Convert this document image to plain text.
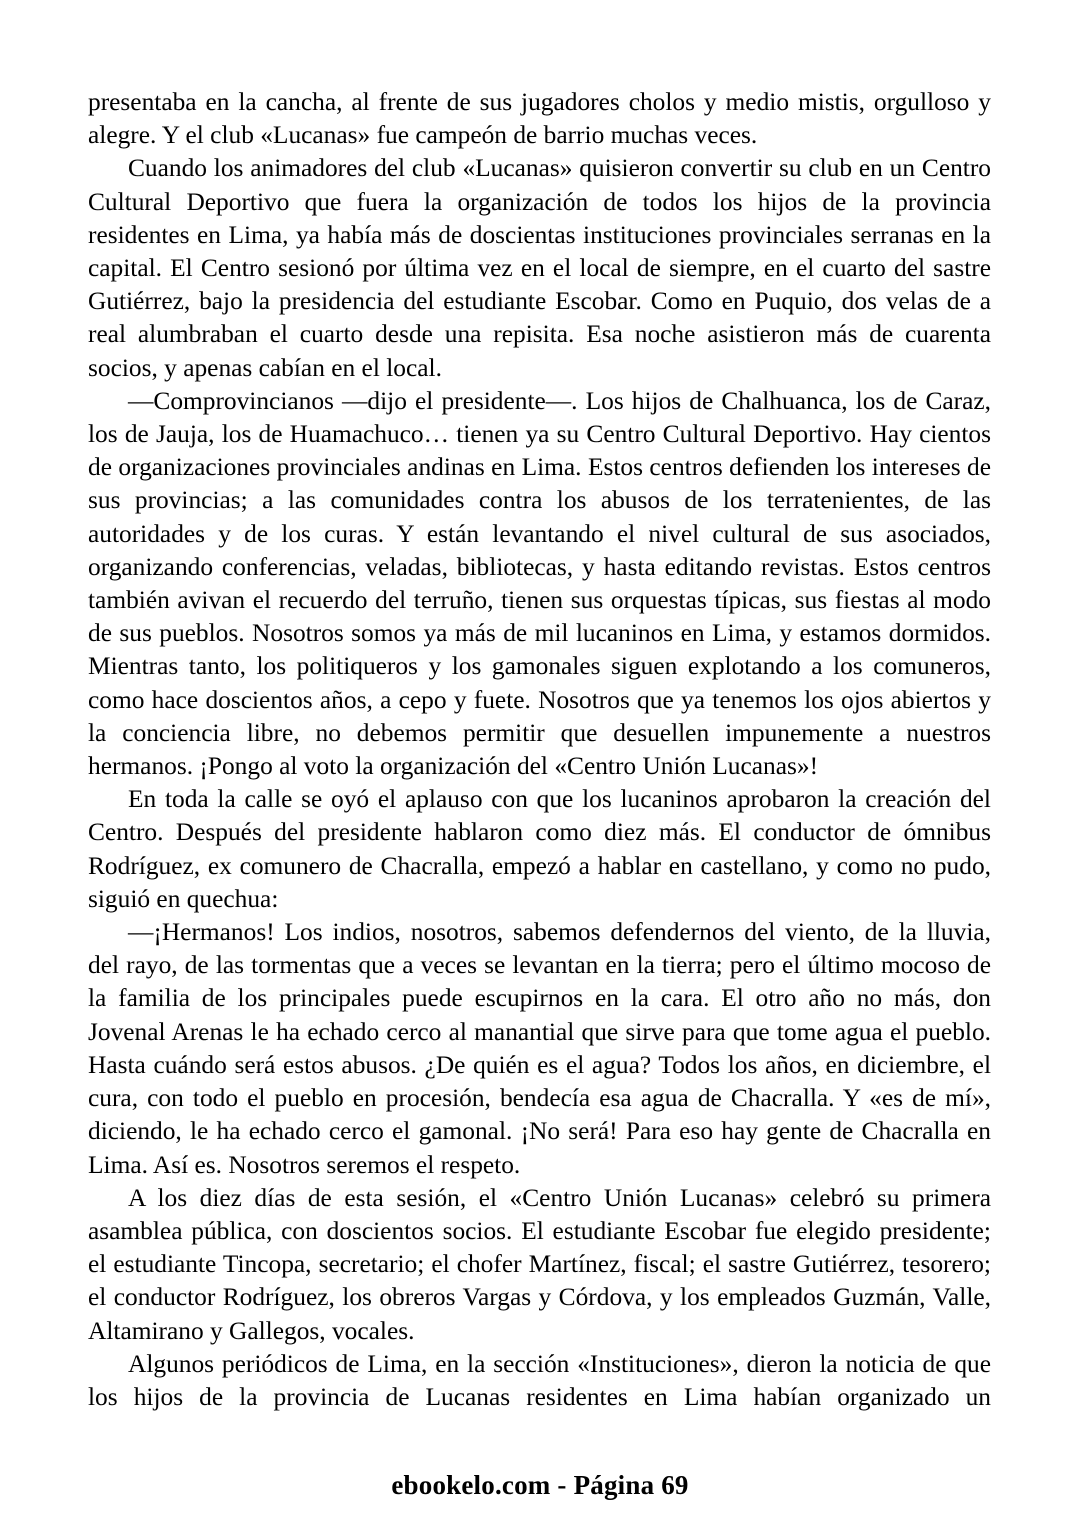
presentaba en la cancha, al frente de sus jugadores cholos y medio mistis, orgulloso y alegre. Y el club «Lucanas» fue campeón de barrio muchas veces.

Cuando los animadores del club «Lucanas» quisieron convertir su club en un Centro Cultural Deportivo que fuera la organización de todos los hijos de la provincia residentes en Lima, ya había más de doscientas instituciones provinciales serranas en la capital. El Centro sesionó por última vez en el local de siempre, en el cuarto del sastre Gutiérrez, bajo la presidencia del estudiante Escobar. Como en Puquio, dos velas de a real alumbraban el cuarto desde una repisita. Esa noche asistieron más de cuarenta socios, y apenas cabían en el local.

—Comprovincianos —dijo el presidente—. Los hijos de Chalhuanca, los de Caraz, los de Jauja, los de Huamachuco… tienen ya su Centro Cultural Deportivo. Hay cientos de organizaciones provinciales andinas en Lima. Estos centros defienden los intereses de sus provincias; a las comunidades contra los abusos de los terratenientes, de las autoridades y de los curas. Y están levantando el nivel cultural de sus asociados, organizando conferencias, veladas, bibliotecas, y hasta editando revistas. Estos centros también avivan el recuerdo del terruño, tienen sus orquestas típicas, sus fiestas al modo de sus pueblos. Nosotros somos ya más de mil lucaninos en Lima, y estamos dormidos. Mientras tanto, los politiqueros y los gamonales siguen explotando a los comuneros, como hace doscientos años, a cepo y fuete. Nosotros que ya tenemos los ojos abiertos y la conciencia libre, no debemos permitir que desuellen impunemente a nuestros hermanos. ¡Pongo al voto la organización del «Centro Unión Lucanas»!

En toda la calle se oyó el aplauso con que los lucaninos aprobaron la creación del Centro. Después del presidente hablaron como diez más. El conductor de ómnibus Rodríguez, ex comunero de Chacralla, empezó a hablar en castellano, y como no pudo, siguió en quechua:

—¡Hermanos! Los indios, nosotros, sabemos defendernos del viento, de la lluvia, del rayo, de las tormentas que a veces se levantan en la tierra; pero el último mocoso de la familia de los principales puede escupirnos en la cara. El otro año no más, don Jovenal Arenas le ha echado cerco al manantial que sirve para que tome agua el pueblo. Hasta cuándo será estos abusos. ¿De quién es el agua? Todos los años, en diciembre, el cura, con todo el pueblo en procesión, bendecía esa agua de Chacralla. Y «es de mí», diciendo, le ha echado cerco el gamonal. ¡No será! Para eso hay gente de Chacralla en Lima. Así es. Nosotros seremos el respeto.

A los diez días de esta sesión, el «Centro Unión Lucanas» celebró su primera asamblea pública, con doscientos socios. El estudiante Escobar fue elegido presidente; el estudiante Tincopa, secretario; el chofer Martínez, fiscal; el sastre Gutiérrez, tesorero; el conductor Rodríguez, los obreros Vargas y Córdova, y los empleados Guzmán, Valle, Altamirano y Gallegos, vocales.

Algunos periódicos de Lima, en la sección «Instituciones», dieron la noticia de que los hijos de la provincia de Lucanas residentes en Lima habían organizado un

ebookelo.com - Página 69
